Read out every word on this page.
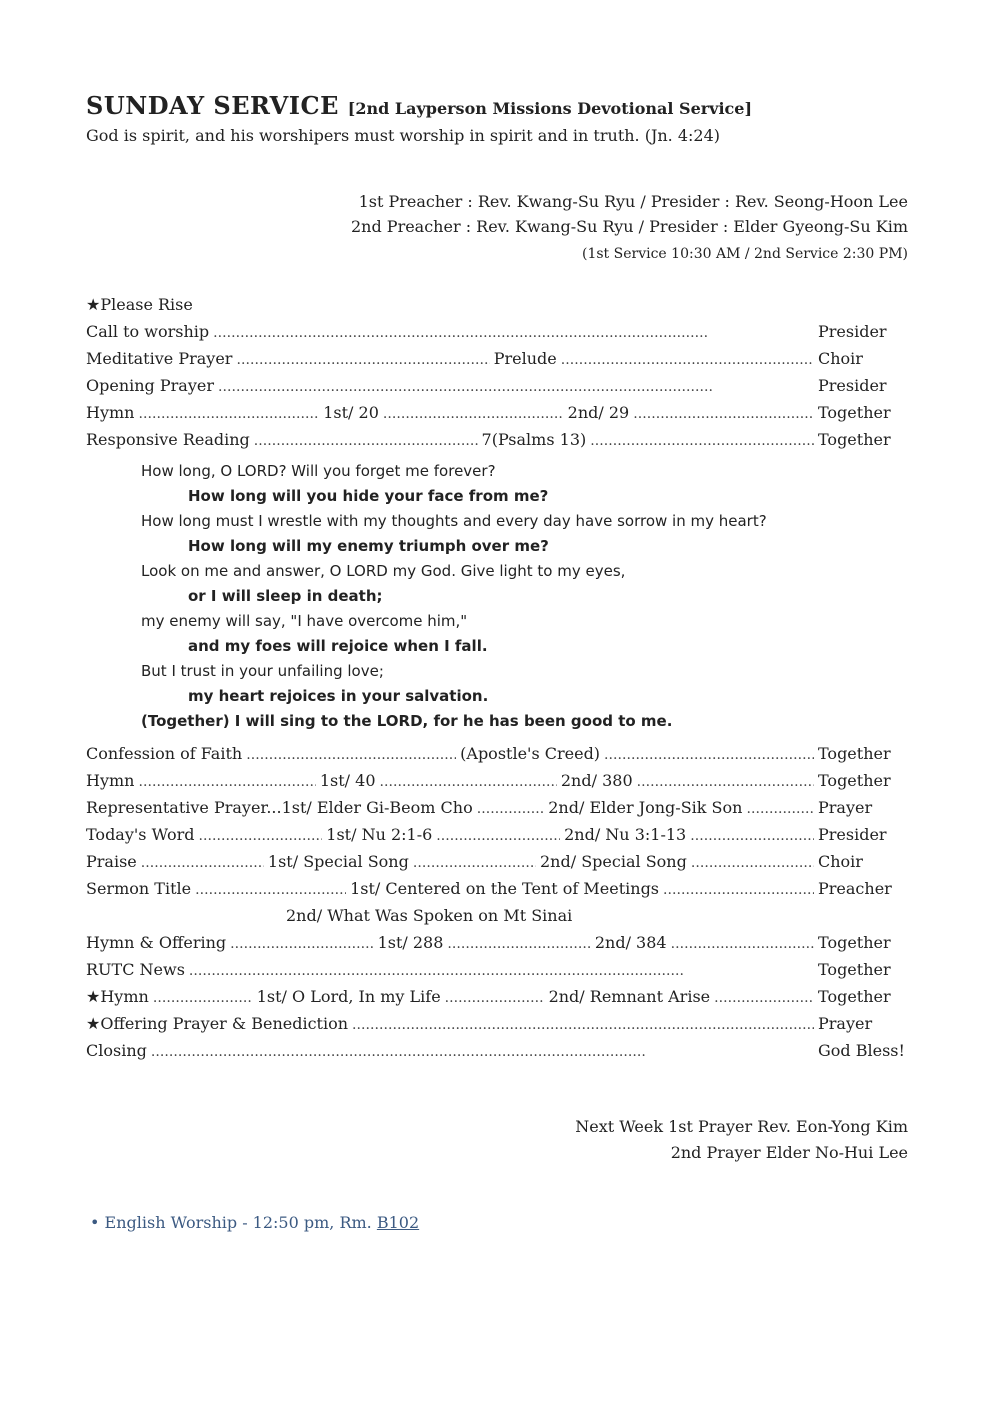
SUNDAY SERVICE [2nd Layperson Missions Devotional Service]
God is spirit, and his worshipers must worship in spirit and in truth. (Jn. 4:24)
1st Preacher : Rev. Kwang-Su Ryu / Presider : Rev. Seong-Hoon Lee
2nd Preacher : Rev. Kwang-Su Ryu / Presider : Elder Gyeong-Su Kim
(1st Service 10:30 AM / 2nd Service 2:30 PM)
★Please Rise
Call to worship . . .	Presider
Meditative Prayer . . .	Prelude . . .	Choir
Opening Prayer . . .	Presider
Hymn . . .	1st/ 20 . . .	2nd/ 29 . . .	Together
Responsive Reading . . .	7(Psalms 13) . . .	Together
How long, O LORD? Will you forget me forever?
How long will you hide your face from me?
How long must I wrestle with my thoughts and every day have sorrow in my heart?
How long will my enemy triumph over me?
Look on me and answer, O LORD my God. Give light to my eyes,
or I will sleep in death;
my enemy will say, "I have overcome him,"
and my foes will rejoice when I fall.
But I trust in your unfailing love;
my heart rejoices in your salvation.
(Together) I will sing to the LORD, for he has been good to me.
Confession of Faith . . .	(Apostle's Creed) . . .	Together
Hymn . . .	1st/ 40 . . .	2nd/ 380 . . .	Together
Representative Prayer... 1st/ Elder Gi-Beom Cho . . .	2nd/ Elder Jong-Sik Son . . .	Prayer
Today's Word . . .	1st/ Nu 2:1-6 . . .	2nd/ Nu 3:1-13 . . .	Presider
Praise . . .	1st/ Special Song . . .	2nd/ Special Song . . .	Choir
Sermon Title . . .	1st/ Centered on the Tent of Meetings . . .	Preacher
2nd/ What Was Spoken on Mt Sinai
Hymn & Offering . . .	1st/ 288 . . .	2nd/ 384 . . .	Together
RUTC News . . .	Together
★Hymn . . .	1st/ O Lord, In my Life . . .	2nd/ Remnant Arise . . .	Together
★Offering Prayer & Benediction . . .	Prayer
Closing . . .	God Bless!
Next Week 1st Prayer Rev. Eon-Yong Kim
2nd Prayer Elder No-Hui Lee
• English Worship - 12:50 pm, Rm. B102
